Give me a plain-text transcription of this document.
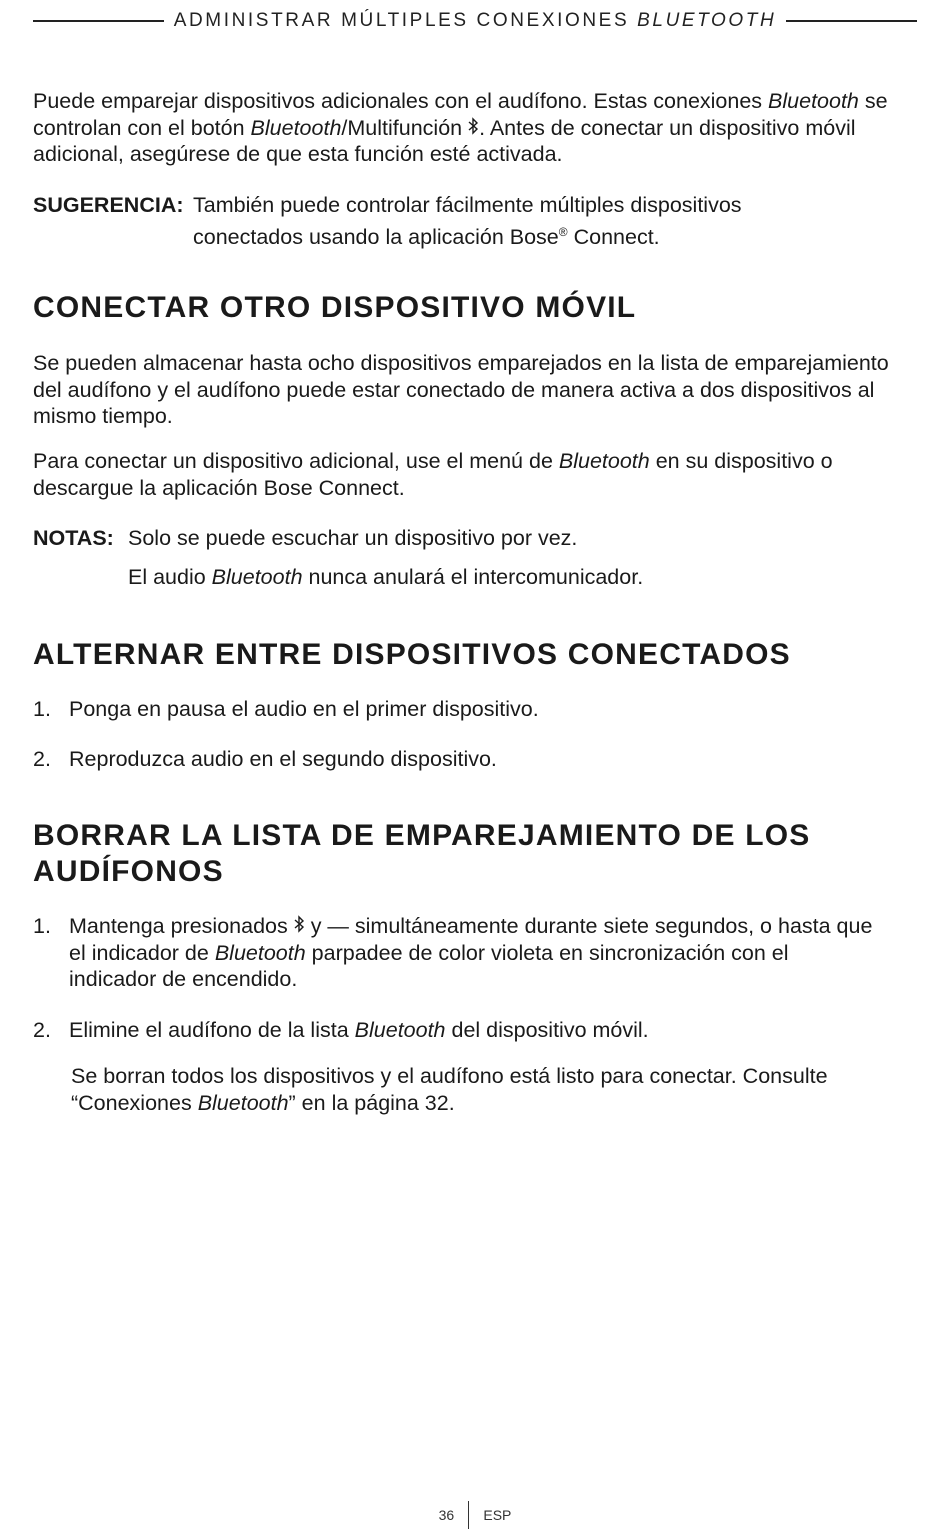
ADMINISTRAR MÚLTIPLES CONEXIONES BLUETOOTH

Puede emparejar dispositivos adicionales con el audífono. Estas conexiones Bluetooth se controlan con el botón Bluetooth/Multifunción . Antes de conectar un dispositivo móvil adicional, asegúrese de que esta función esté activada.

SUGERENCIA: También puede controlar fácilmente múltiples dispositivos conectados usando la aplicación Bose® Connect.

CONECTAR OTRO DISPOSITIVO MÓVIL

Se pueden almacenar hasta ocho dispositivos emparejados en la lista de emparejamiento del audífono y el audífono puede estar conectado de manera activa a dos dispositivos al mismo tiempo.

Para conectar un dispositivo adicional, use el menú de Bluetooth en su dispositivo o descargue la aplicación Bose Connect.

NOTAS: Solo se puede escuchar un dispositivo por vez.
El audio Bluetooth nunca anulará el intercomunicador.
ALTERNAR ENTRE DISPOSITIVOS CONECTADOS
1. Ponga en pausa el audio en el primer dispositivo.
2. Reproduzca audio en el segundo dispositivo.
BORRAR LA LISTA DE EMPAREJAMIENTO DE LOS
AUDÍFONOS
1. Mantenga presionados  y — simultáneamente durante siete segundos, o hasta que el indicador de Bluetooth parpadee de color violeta en sincronización con el indicador de encendido.
2. Elimine el audífono de la lista Bluetooth del dispositivo móvil.

Se borran todos los dispositivos y el audífono está listo para conectar. Consulte “Conexiones Bluetooth” en la página 32.

36 ESP
